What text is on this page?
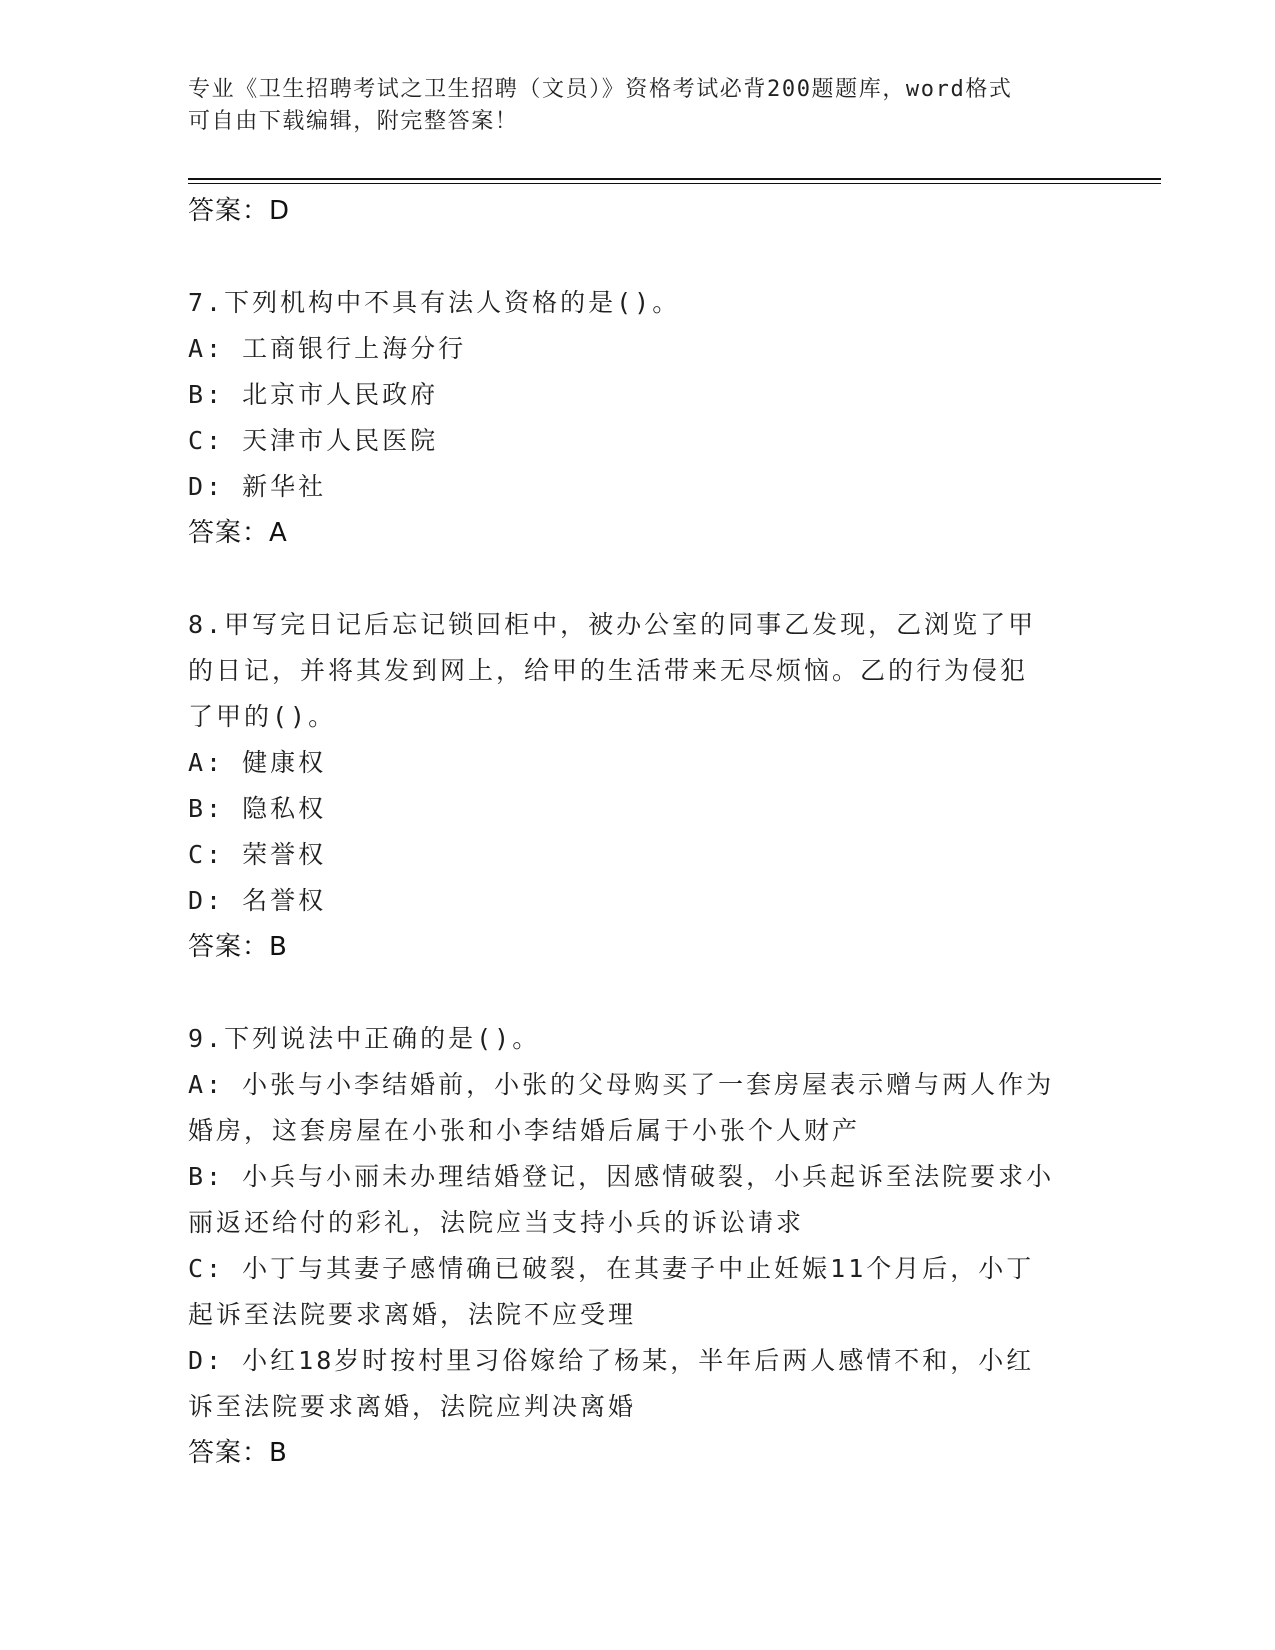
专业《卫生招聘考试之卫生招聘（文员）》资格考试必背200题题库，word格式
可自由下载编辑，附完整答案！
答案：D
7.下列机构中不具有法人资格的是()。
A: 工商银行上海分行
B: 北京市人民政府
C: 天津市人民医院
D: 新华社
答案：A
8.甲写完日记后忘记锁回柜中，被办公室的同事乙发现，乙浏览了甲
的日记，并将其发到网上，给甲的生活带来无尽烦恼。乙的行为侵犯
了甲的()。
A: 健康权
B: 隐私权
C: 荣誉权
D: 名誉权
答案：B
9.下列说法中正确的是()。
A: 小张与小李结婚前，小张的父母购买了一套房屋表示赠与两人作为
婚房，这套房屋在小张和小李结婚后属于小张个人财产
B: 小兵与小丽未办理结婚登记，因感情破裂，小兵起诉至法院要求小
丽返还给付的彩礼，法院应当支持小兵的诉讼请求
C: 小丁与其妻子感情确已破裂，在其妻子中止妊娠11个月后，小丁
起诉至法院要求离婚，法院不应受理
D: 小红18岁时按村里习俗嫁给了杨某，半年后两人感情不和，小红
诉至法院要求离婚，法院应判决离婚
答案：B
